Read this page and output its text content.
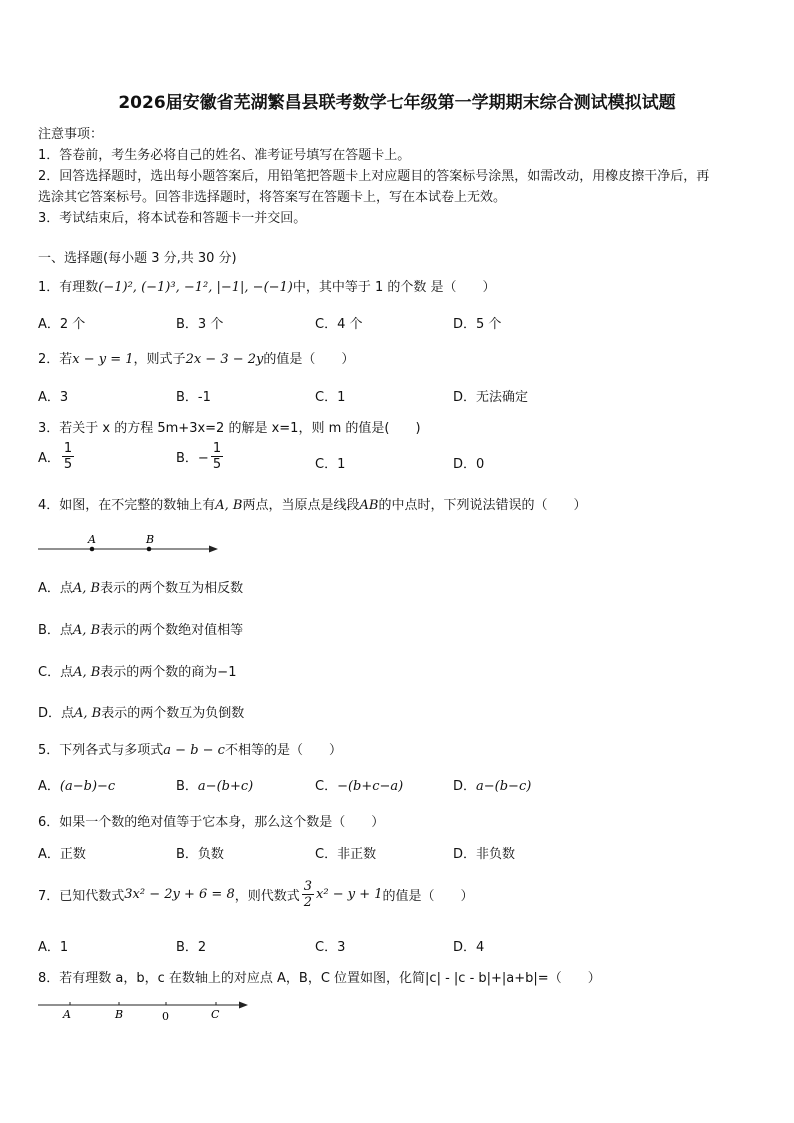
2026届安徽省芜湖繁昌县联考数学七年级第一学期期末综合测试模拟试题
注意事项：
1．答卷前，考生务必将自己的姓名、准考证号填写在答题卡上。
2．回答选择题时，选出每小题答案后，用铅笔把答题卡上对应题目的答案标号涂黑，如需改动，用橡皮擦干净后，再
选涂其它答案标号。回答非选择题时，将答案写在答题卡上，写在本试卷上无效。
3．考试结束后，将本试卷和答题卡一并交回。
一、选择题(每小题 3 分,共 30 分)
1．有理数(−1)², (−1)³, −1², |−1|, −(−1)中，其中等于 1 的个数 是（　　）
A．2 个	B．3 个	C．4 个	D．5 个
2．若x − y = 1，则式子2x − 3 − 2y的值是（　　）
A．3	B．-1	C．1	D．无法确定
3．若关于 x 的方程 5m+3x=2 的解是 x=1，则 m 的值是(　　)
A． $\frac{1}{5}$	B．− $\frac{1}{5}$	C．1	D．0
4．如图，在不完整的数轴上有A, B两点，当原点是线段AB的中点时，下列说法错误的（　　）
A	B
A．点A, B表示的两个数互为相反数
B．点A, B表示的两个数绝对值相等
C．点A, B表示的两个数的商为−1
D．点A, B表示的两个数互为负倒数
5．下列各式与多项式a − b − c不相等的是（　　）
A．(a−b)−c	B．a−(b+c)	C．−(b+c−a)	D．a−(b−c)
6．如果一个数的绝对值等于它本身，那么这个数是（　　）
A．正数	B．负数	C．非正数	D．非负数
7．已知代数式3x² − 2y + 6 = 8，则代数式 $\frac{3}{2} x^2 - y + 1$的值是（　　）
A．1	B．2	C．3	D．4
8．若有理数 a，b，c 在数轴上的对应点 A，B，C 位置如图，化简|c| - |c - b|+|a+b|=（　　）
A	B	0	C
